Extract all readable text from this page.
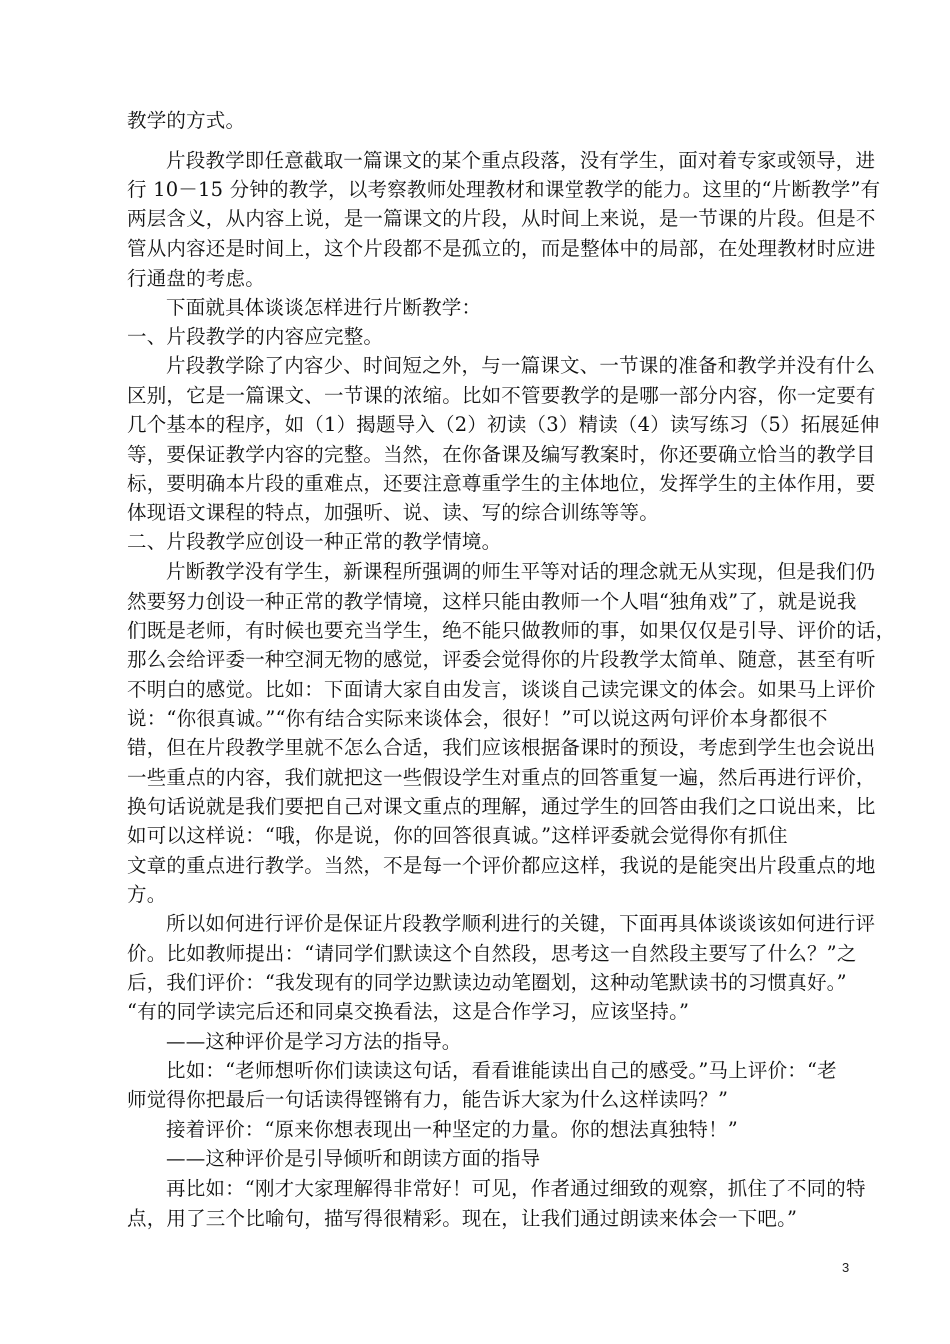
教学的方式。
片段教学即任意截取一篇课文的某个重点段落，没有学生，面对着专家或领导，进
行 10－15 分钟的教学，以考察教师处理教材和课堂教学的能力。这里的“片断教学”有
两层含义，从内容上说，是一篇课文的片段，从时间上来说，是一节课的片段。但是不
管从内容还是时间上，这个片段都不是孤立的，而是整体中的局部，在处理教材时应进
行通盘的考虑。
下面就具体谈谈怎样进行片断教学：
一、片段教学的内容应完整。
片段教学除了内容少、时间短之外，与一篇课文、一节课的准备和教学并没有什么
区别，它是一篇课文、一节课的浓缩。比如不管要教学的是哪一部分内容，你一定要有
几个基本的程序，如（1）揭题导入（2）初读（3）精读（4）读写练习（5）拓展延伸
等，要保证教学内容的完整。当然，在你备课及编写教案时，你还要确立恰当的教学目
标，要明确本片段的重难点，还要注意尊重学生的主体地位，发挥学生的主体作用，要
体现语文课程的特点，加强听、说、读、写的综合训练等等。
二、片段教学应创设一种正常的教学情境。
片断教学没有学生，新课程所强调的师生平等对话的理念就无从实现，但是我们仍
然要努力创设一种正常的教学情境，这样只能由教师一个人唱“独角戏”了，就是说我
们既是老师，有时候也要充当学生，绝不能只做教师的事，如果仅仅是引导、评价的话，
那么会给评委一种空洞无物的感觉，评委会觉得你的片段教学太简单、随意，甚至有听
不明白的感觉。比如：下面请大家自由发言，谈谈自己读完课文的体会。如果马上评价
说：“你很真诚。”“你有结合实际来谈体会，很好！”可以说这两句评价本身都很不
错，但在片段教学里就不怎么合适，我们应该根据备课时的预设，考虑到学生也会说出
一些重点的内容，我们就把这一些假设学生对重点的回答重复一遍，然后再进行评价，
换句话说就是我们要把自己对课文重点的理解，通过学生的回答由我们之口说出来，比
如可以这样说：“哦，你是说，你的回答很真诚。”这样评委就会觉得你有抓住
文章的重点进行教学。当然，不是每一个评价都应这样，我说的是能突出片段重点的地
方。
所以如何进行评价是保证片段教学顺利进行的关键，下面再具体谈谈该如何进行评
价。比如教师提出：“请同学们默读这个自然段，思考这一自然段主要写了什么？”之
后，我们评价：“我发现有的同学边默读边动笔圈划，这种动笔默读书的习惯真好。”
“有的同学读完后还和同桌交换看法，这是合作学习，应该坚持。”
——这种评价是学习方法的指导。
比如：“老师想听你们读读这句话，看看谁能读出自己的感受。”马上评价：“老
师觉得你把最后一句话读得铿锵有力，能告诉大家为什么这样读吗？”
接着评价：“原来你想表现出一种坚定的力量。你的想法真独特！”
——这种评价是引导倾听和朗读方面的指导
再比如：“刚才大家理解得非常好！可见，作者通过细致的观察，抓住了不同的特
点，用了三个比喻句，描写得很精彩。现在，让我们通过朗读来体会一下吧。”
3
